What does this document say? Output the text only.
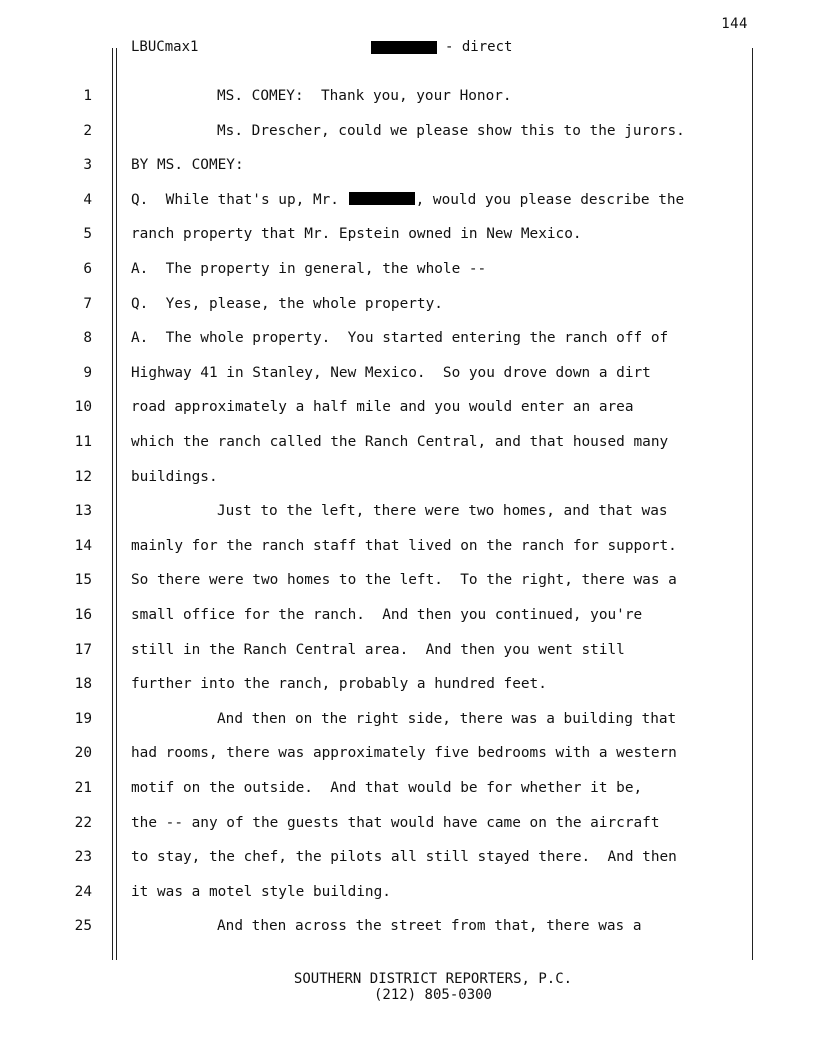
144
LBUCmax1	- direct
1	MS. COMEY:  Thank you, your Honor.
2	Ms. Drescher, could we please show this to the jurors.
3	BY MS. COMEY:
4	Q.  While that's up, Mr.	, would you please describe the
5	ranch property that Mr. Epstein owned in New Mexico.
6	A.  The property in general, the whole --
7	Q.  Yes, please, the whole property.
8	A.  The whole property.  You started entering the ranch off of
9	Highway 41 in Stanley, New Mexico.  So you drove down a dirt
10	road approximately a half mile and you would enter an area
11	which the ranch called the Ranch Central, and that housed many
12	buildings.
13	Just to the left, there were two homes, and that was
14	mainly for the ranch staff that lived on the ranch for support.
15	So there were two homes to the left.  To the right, there was a
16	small office for the ranch.  And then you continued, you're
17	still in the Ranch Central area.  And then you went still
18	further into the ranch, probably a hundred feet.
19	And then on the right side, there was a building that
20	had rooms, there was approximately five bedrooms with a western
21	motif on the outside.  And that would be for whether it be,
22	the -- any of the guests that would have came on the aircraft
23	to stay, the chef, the pilots all still stayed there.  And then
24	it was a motel style building.
25	And then across the street from that, there was a
SOUTHERN DISTRICT REPORTERS, P.C.
(212) 805-0300
